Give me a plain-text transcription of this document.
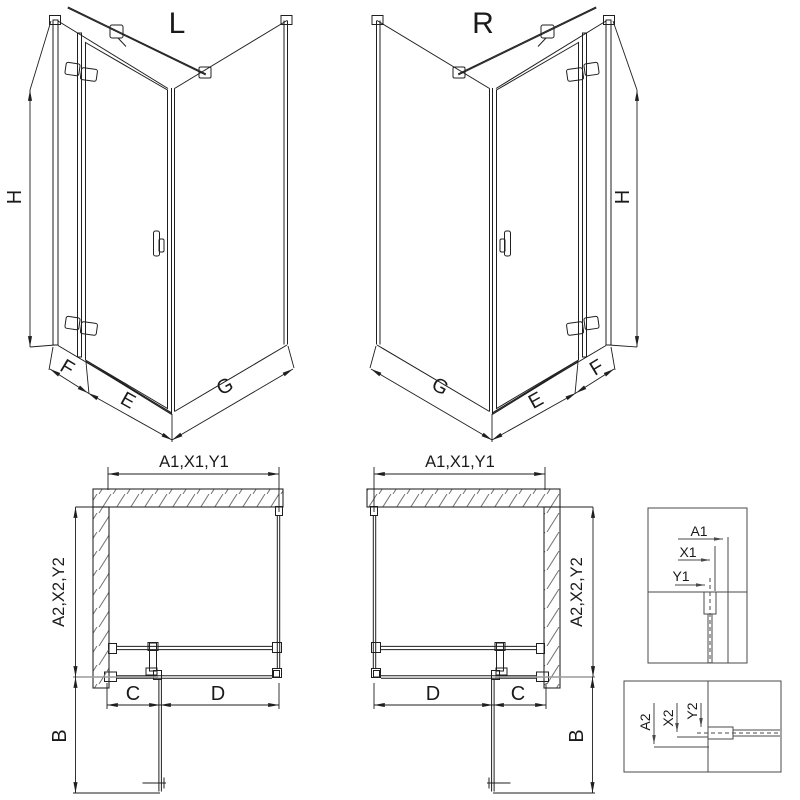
L
H
F
E
G
R
H
F
E
G
A1,X1,Y1
A2,X2,Y2
B
C	D
A1,X1,Y1
A2,X2,Y2
B
D	C
A1
X1
Y1
A2 X2 Y2
